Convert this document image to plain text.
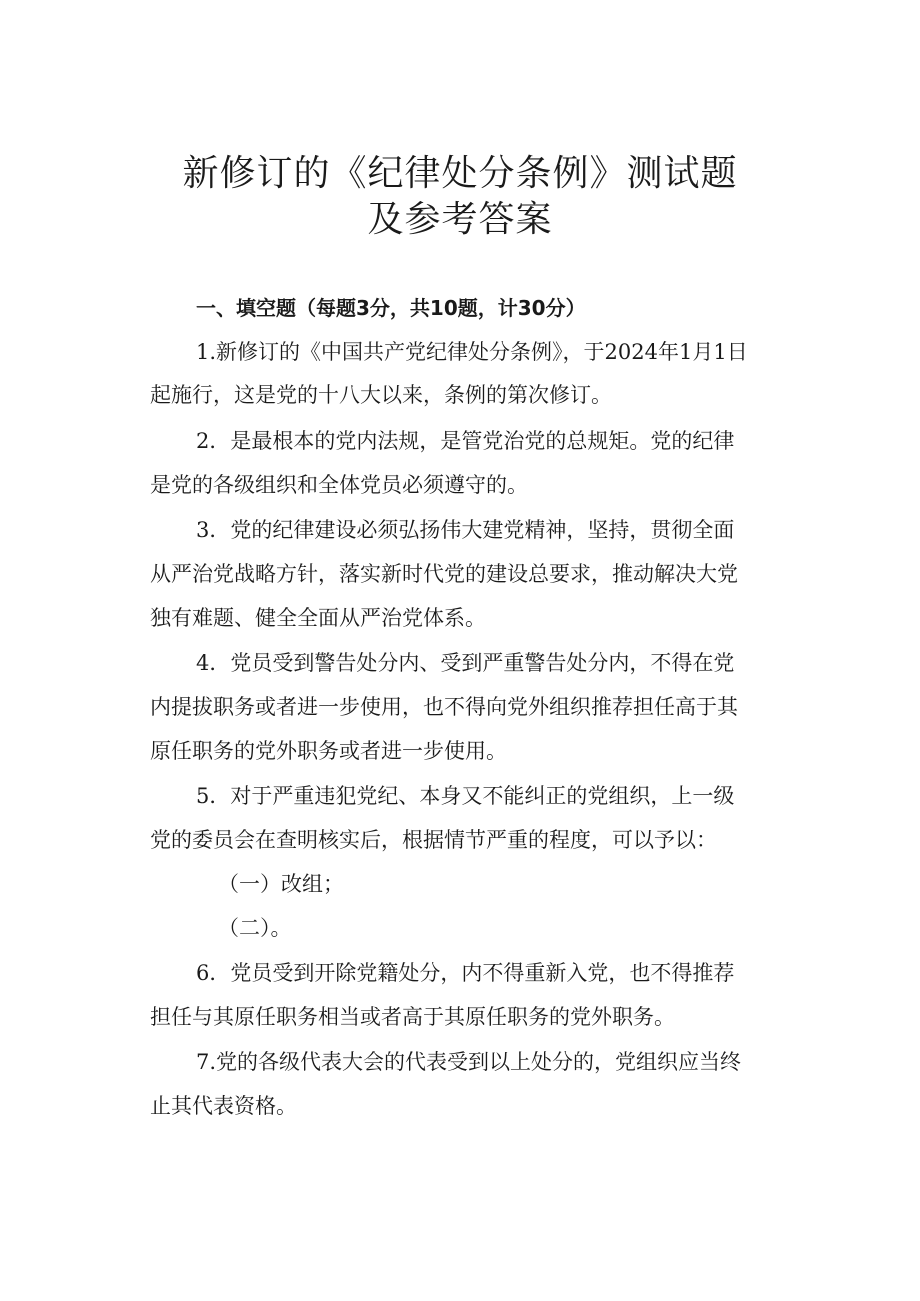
新修订的《纪律处分条例》测试题
及参考答案
一、填空题（每题3分，共10题，计30分）

1.新修订的《中国共产党纪律处分条例》，于2024年1月1日

起施行，这是党的十八大以来，条例的第次修订。

2．是最根本的党内法规，是管党治党的总规矩。党的纪律

是党的各级组织和全体党员必须遵守的。

3．党的纪律建设必须弘扬伟大建党精神，坚持，贯彻全面

从严治党战略方针，落实新时代党的建设总要求，推动解决大党

独有难题、健全全面从严治党体系。

4．党员受到警告处分内、受到严重警告处分内，不得在党

内提拔职务或者进一步使用，也不得向党外组织推荐担任高于其

原任职务的党外职务或者进一步使用。

5．对于严重违犯党纪、本身又不能纠正的党组织，上一级

党的委员会在查明核实后，根据情节严重的程度，可以予以：

（一）改组；

（二）。

6．党员受到开除党籍处分，内不得重新入党，也不得推荐

担任与其原任职务相当或者高于其原任职务的党外职务。

7.党的各级代表大会的代表受到以上处分的，党组织应当终

止其代表资格。
